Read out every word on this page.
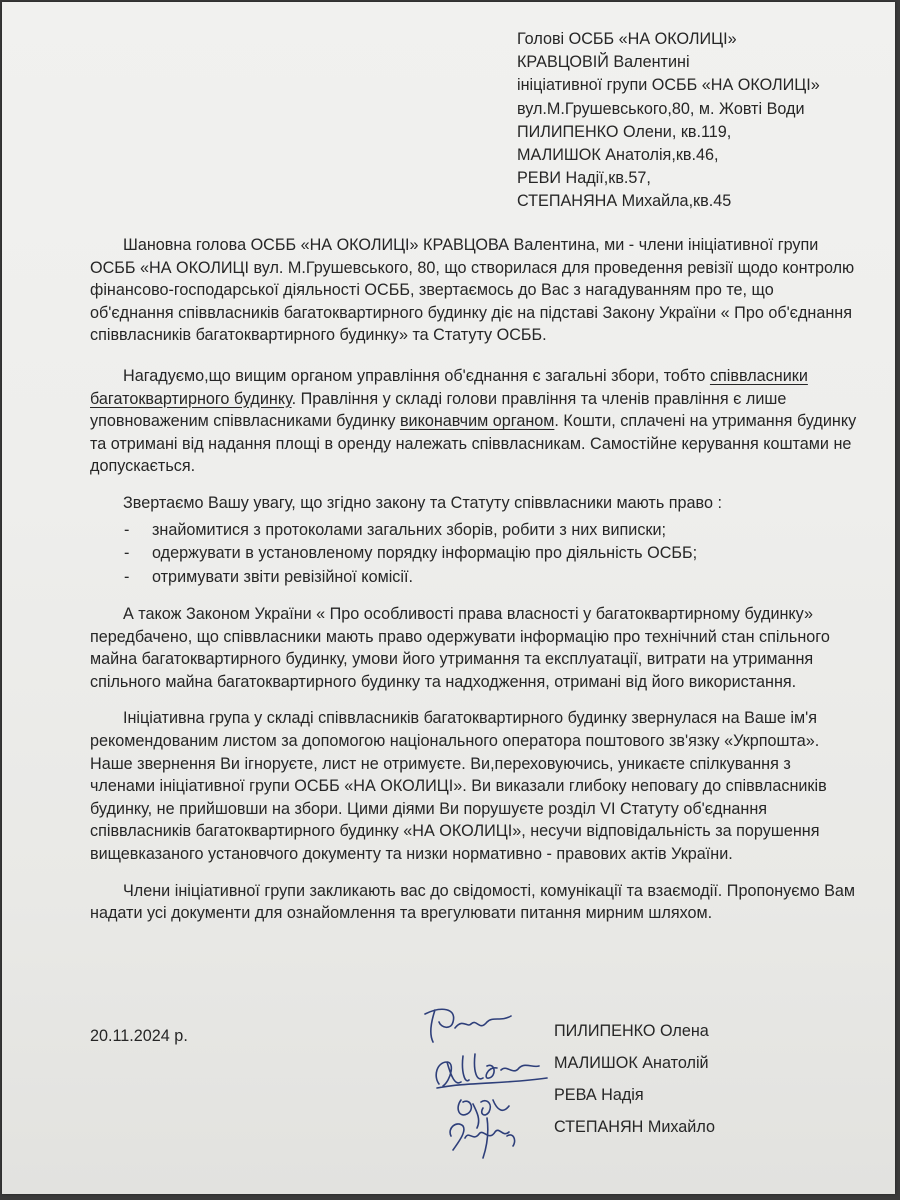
Голові ОСББ «НА ОКОЛИЦІ»
КРАВЦОВІЙ Валентині
ініціативної групи ОСББ «НА ОКОЛИЦІ»
вул.М.Грушевського,80, м. Жовті Води
ПИЛИПЕНКО Олени, кв.119,
МАЛИШОК Анатолія,кв.46,
РЕВИ Надії,кв.57,
СТЕПАНЯНА Михайла,кв.45

Шановна голова ОСББ «НА ОКОЛИЦІ» КРАВЦОВА Валентина, ми - члени ініціативної групи ОСББ «НА ОКОЛИЦІ вул. М.Грушевського, 80, що створилася для проведення ревізії щодо контролю фінансово-господарської діяльності ОСББ, звертаємось до Вас з нагадуванням про те, що об'єднання співвласників багатоквартирного будинку діє на підставі Закону України « Про об'єднання співвласників багатоквартирного будинку» та Статуту ОСББ.

Нагадуємо,що вищим органом управління об'єднання є загальні збори, тобто співвласники багатоквартирного будинку. Правління у складі голови правління та членів правління є лише уповноваженим співвласниками будинку виконавчим органом. Кошти, сплачені на утримання будинку та отримані від надання площі в оренду належать співвласникам. Самостійне керування коштами не допускається.

Звертаємо Вашу увагу, що згідно закону та Статуту співвласники мають право :

- знайомитися з протоколами загальних зборів, робити з них виписки;
- одержувати в установленому порядку інформацію про діяльність ОСББ;
- отримувати звіти ревізійної комісії.

А також Законом України « Про особливості права власності у багатоквартирному будинку» передбачено, що співвласники мають право одержувати інформацію про технічний стан спільного майна багатоквартирного будинку, умови його утримання та експлуатації, витрати на утримання спільного майна багатоквартирного будинку та надходження, отримані від його використання.

Ініціативна група у складі співвласників багатоквартирного будинку звернулася на Ваше ім'я рекомендованим листом за допомогою національного оператора поштового зв'язку «Укрпошта». Наше звернення Ви ігноруєте, лист не отримуєте. Ви,переховуючись, уникаєте спілкування з членами ініціативної групи ОСББ «НА ОКОЛИЦІ». Ви виказали глибоку неповагу до співвласників будинку, не прийшовши на збори. Цими діями Ви порушуєте розділ VI Статуту об'єднання співвласників багатоквартирного будинку «НА ОКОЛИЦІ», несучи відповідальність за порушення вищевказаного установчого документу та низки нормативно - правових актів України.

Члени ініціативної групи закликають вас до свідомості, комунікації та взаємодії. Пропонуємо Вам надати усі документи для ознайомлення та врегулювати питання мирним шляхом.

20.11.2024 р.	ПИЛИПЕНКО Олена
МАЛИШОК Анатолій
РЕВА Надія
СТЕПАНЯН Михайло
